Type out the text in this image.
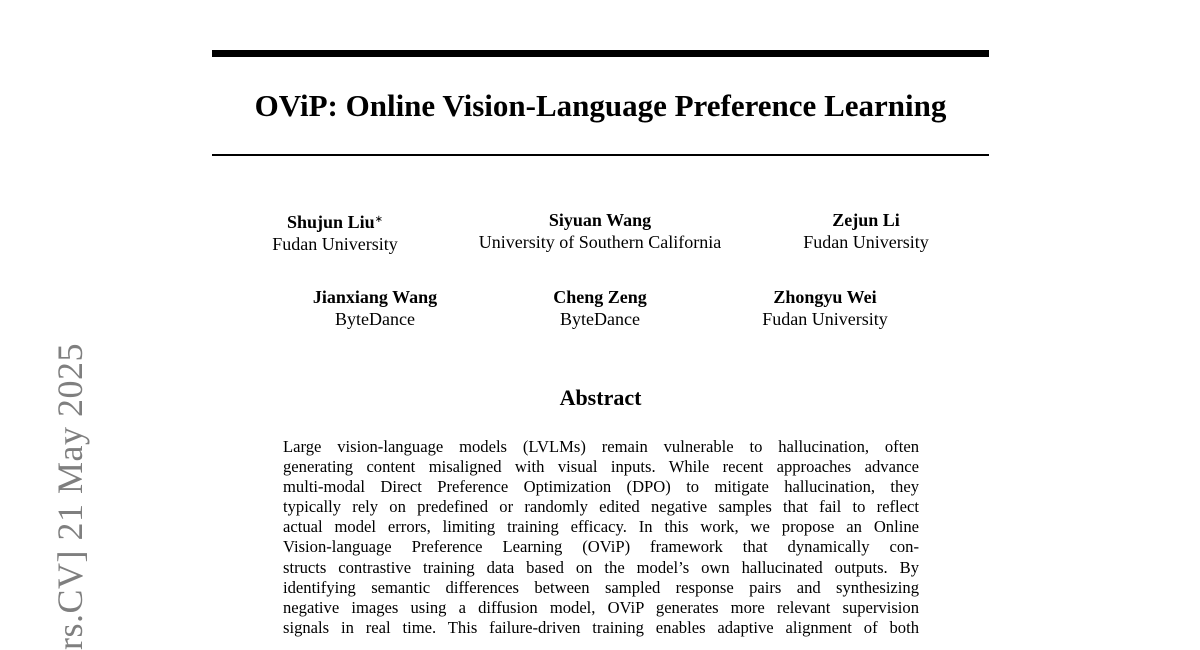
OViP: Online Vision-Language Preference Learning
Shujun Liu∗
Fudan University
Siyuan Wang
University of Southern California
Zejun Li
Fudan University
Jianxiang Wang
ByteDance
Cheng Zeng
ByteDance
Zhongyu Wei
Fudan University
Abstract
Large vision-language models (LVLMs) remain vulnerable to hallucination, often
generating content misaligned with visual inputs. While recent approaches advance
multi-modal Direct Preference Optimization (DPO) to mitigate hallucination, they
typically rely on predefined or randomly edited negative samples that fail to reflect
actual model errors, limiting training efficacy. In this work, we propose an Online
Vision-language Preference Learning (OViP) framework that dynamically con-
structs contrastive training data based on the model’s own hallucinated outputs. By
identifying semantic differences between sampled response pairs and synthesizing
negative images using a diffusion model, OViP generates more relevant supervision
signals in real time. This failure-driven training enables adaptive alignment of both
rs.CV] 21 May 2025
